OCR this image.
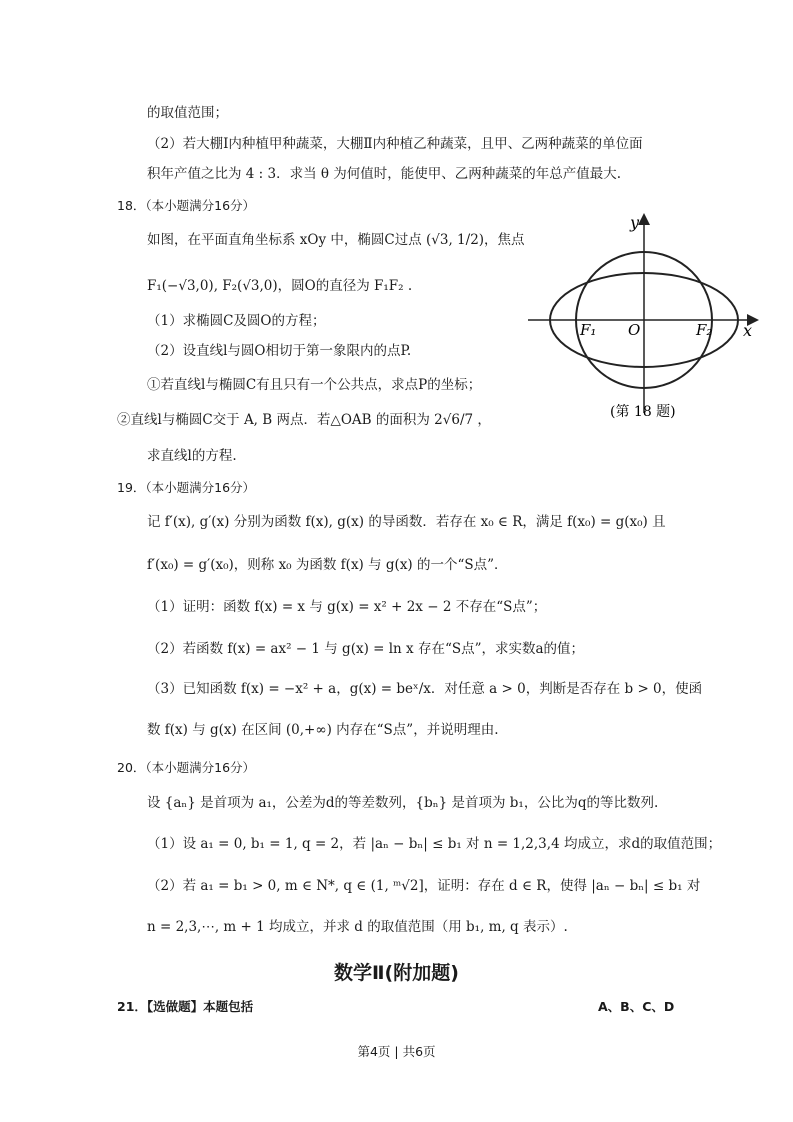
的取值范围；
（2）若大棚Ⅰ内种植甲种蔬菜，大棚Ⅱ内种植乙种蔬菜，且甲、乙两种蔬菜的单位面
积年产值之比为 4 : 3．求当 θ 为何值时，能使甲、乙两种蔬菜的年总产值最大.
18．（本小题满分16分）
如图，在平面直角坐标系 xOy 中，椭圆C过点 (√3, 1/2)，焦点
F₁(−√3,0), F₂(√3,0)，圆O的直径为 F₁F₂ .
（1）求椭圆C及圆O的方程；
（2）设直线l与圆O相切于第一象限内的点P.
①若直线l与椭圆C有且只有一个公共点，求点P的坐标；
②直线l与椭圆C交于 A, B 两点．若△OAB 的面积为 2√6/7 ，
求直线l的方程.
19．（本小题满分16分）
记 f′(x), g′(x) 分别为函数 f(x), g(x) 的导函数．若存在 x₀ ∈ R，满足 f(x₀) = g(x₀) 且
f′(x₀) = g′(x₀)，则称 x₀ 为函数 f(x) 与 g(x) 的一个“S点”．
（1）证明：函数 f(x) = x 与 g(x) = x² + 2x − 2 不存在“S点”；
（2）若函数 f(x) = ax² − 1 与 g(x) = ln x 存在“S点”，求实数a的值；
（3）已知函数 f(x) = −x² + a，g(x) = beˣ/x．对任意 a > 0，判断是否存在 b > 0，使函
数 f(x) 与 g(x) 在区间 (0,+∞) 内存在“S点”，并说明理由.
20．（本小题满分16分）
设 {aₙ} 是首项为 a₁，公差为d的等差数列，{bₙ} 是首项为 b₁，公比为q的等比数列.
（1）设 a₁ = 0, b₁ = 1, q = 2，若 |aₙ − bₙ| ≤ b₁ 对 n = 1,2,3,4 均成立，求d的取值范围；
（2）若 a₁ = b₁ > 0, m ∈ N*, q ∈ (1, ᵐ√2]，证明：存在 d ∈ R，使得 |aₙ − bₙ| ≤ b₁ 对
n = 2,3,⋯, m + 1 均成立，并求 d 的取值范围（用 b₁, m, q 表示）.
数学Ⅱ(附加题)
21．【选做题】本题包括	A、B、C、D
y
x
O
F₁	F₂
(第 18 题)
第4页 | 共6页
